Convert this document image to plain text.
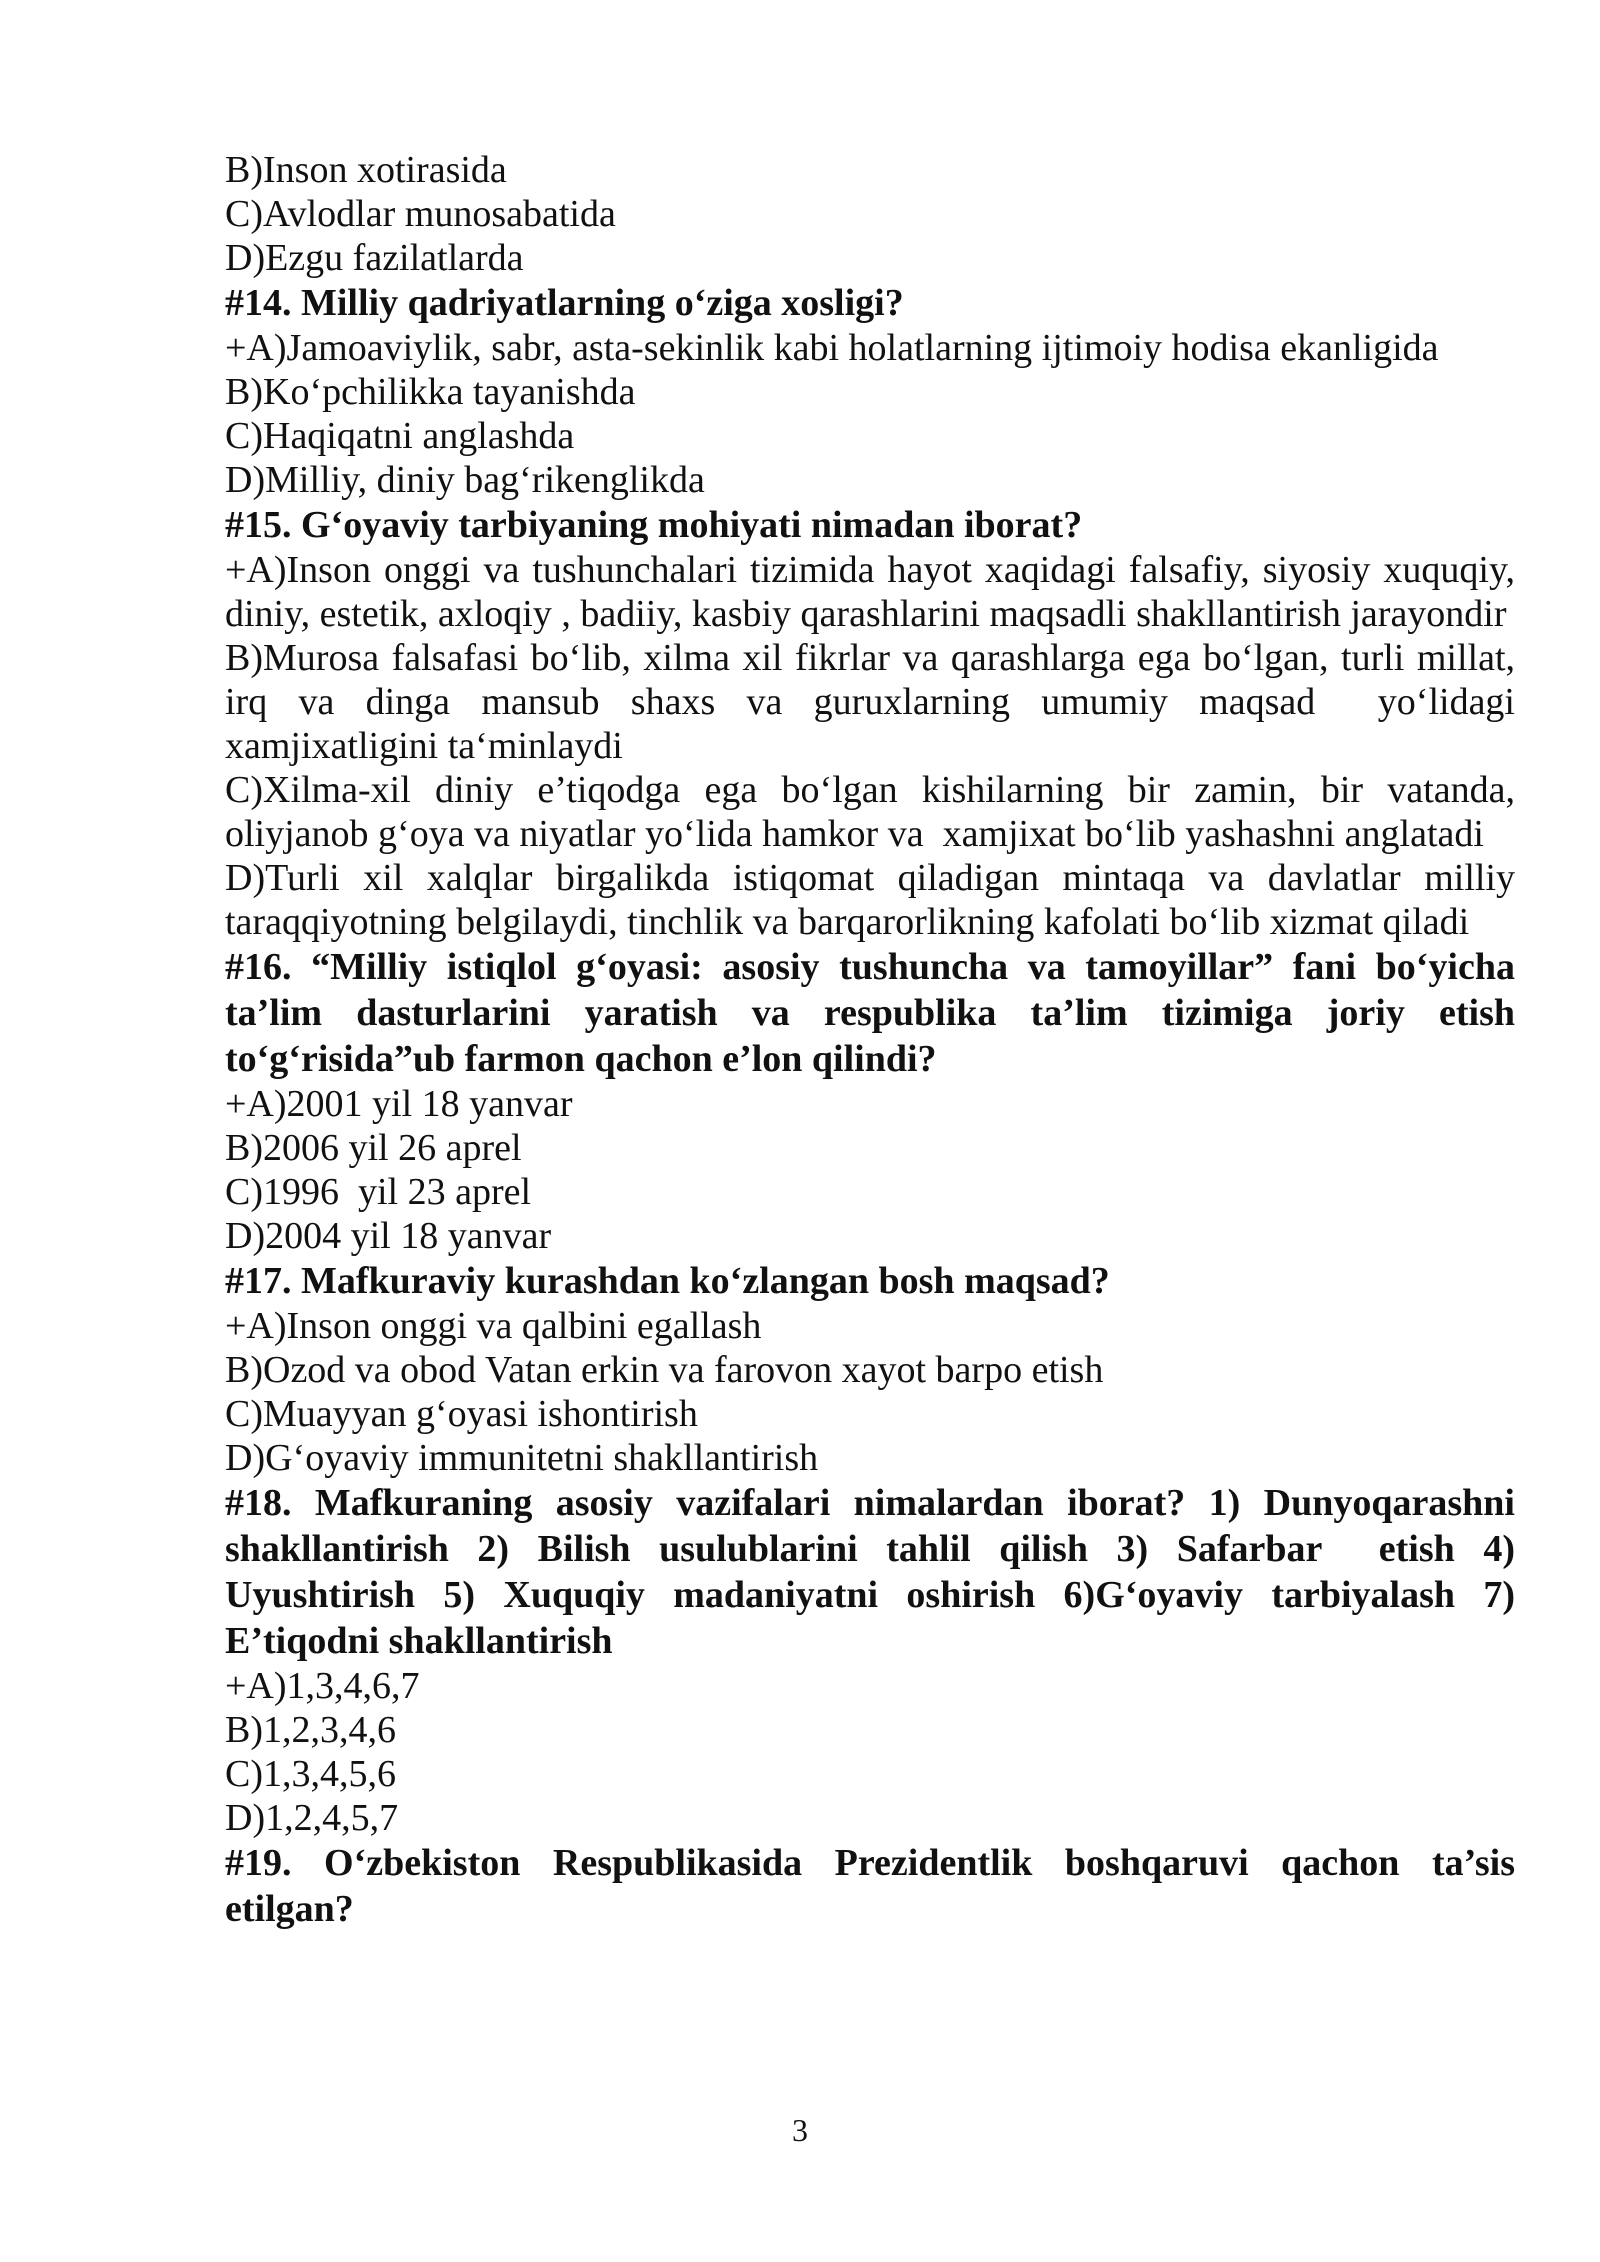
B)Inson xotirasida

C)Avlodlar munosabatida

D)Ezgu fazilatlarda

#14. Milliy qadriyatlarning o‘ziga xosligi?

+A)Jamoaviylik, sabr, asta-sekinlik kabi holatlarning ijtimoiy hodisa ekanligida

B)Ko‘pchilikka tayanishda

C)Haqiqatni anglashda

D)Milliy, diniy bag‘rikenglikda

#15. G‘oyaviy tarbiyaning mohiyati nimadan iborat?

+A)Inson onggi va tushunchalari tizimida hayot xaqidagi falsafiy, siyosiy xuquqiy, diniy, estetik, axloqiy , badiiy, kasbiy qarashlarini maqsadli shakllantirish jarayondir

B)Murosa falsafasi bo‘lib, xilma xil fikrlar va qarashlarga ega bo‘lgan, turli millat, irq va dinga mansub shaxs va guruxlarning umumiy maqsad  yo‘lidagi xamjixatligini ta‘minlaydi

C)Xilma-xil diniy e’tiqodga ega bo‘lgan kishilarning bir zamin, bir vatanda, oliyjanob g‘oya va niyatlar yo‘lida hamkor va  xamjixat bo‘lib yashashni anglatadi

D)Turli xil xalqlar birgalikda istiqomat qiladigan mintaqa va davlatlar milliy taraqqiyotning belgilaydi, tinchlik va barqarorlikning kafolati bo‘lib xizmat qiladi

#16. “Milliy istiqlol g‘oyasi: asosiy tushuncha va tamoyillar” fani bo‘yicha ta’lim dasturlarini yaratish va respublika ta’lim tizimiga joriy etish to‘g‘risida”ub farmon qachon e’lon qilindi?

+A)2001 yil 18 yanvar

B)2006 yil 26 aprel

C)1996  yil 23 aprel

D)2004 yil 18 yanvar

#17. Mafkuraviy kurashdan ko‘zlangan bosh maqsad?

+A)Inson onggi va qalbini egallash

B)Ozod va obod Vatan erkin va farovon xayot barpo etish

C)Muayyan g‘oyasi ishontirish

D)G‘oyaviy immunitetni shakllantirish

#18. Mafkuraning asosiy vazifalari nimalardan iborat? 1) Dunyoqarashni shakllantirish 2) Bilish usulublarini tahlil qilish 3) Safarbar  etish 4) Uyushtirish 5) Xuquqiy madaniyatni oshirish 6)G‘oyaviy tarbiyalash 7) E’tiqodni shakllantirish

+A)1,3,4,6,7

B)1,2,3,4,6

C)1,3,4,5,6

D)1,2,4,5,7

#19. O‘zbekiston Respublikasida Prezidentlik boshqaruvi qachon ta’sis etilgan?

3
